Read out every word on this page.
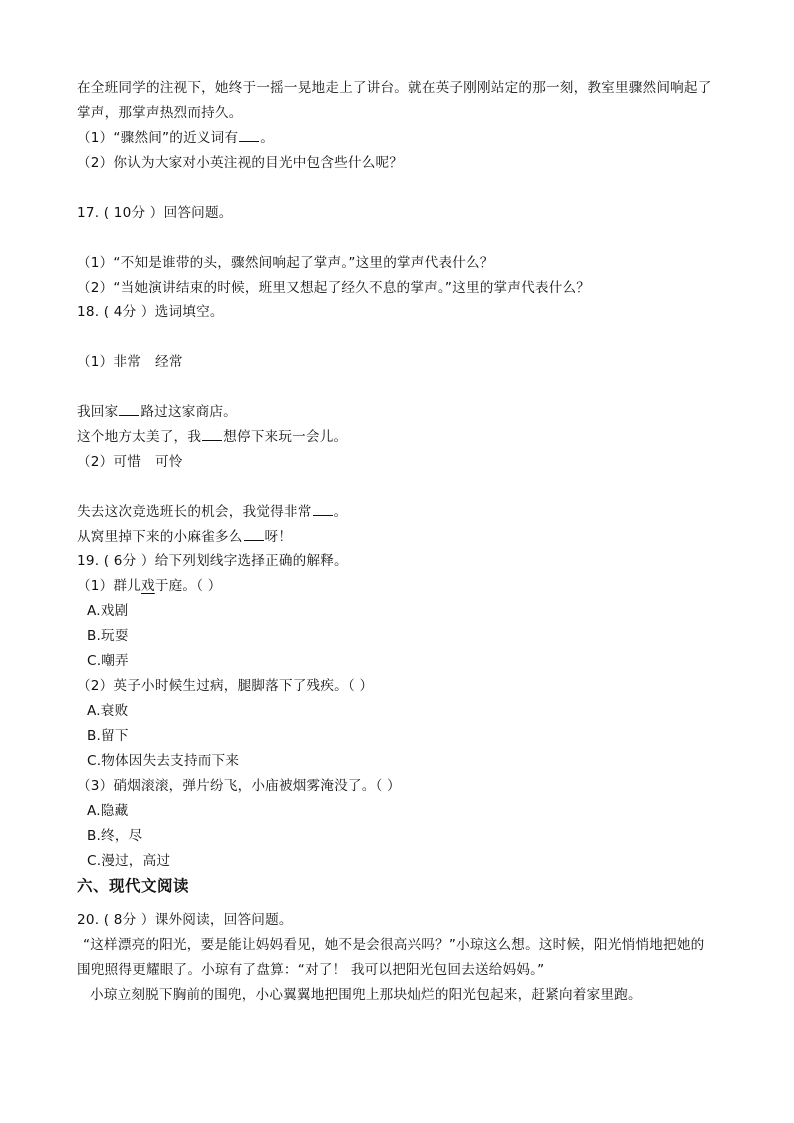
在全班同学的注视下，她终于一摇一晃地走上了讲台。就在英子刚刚站定的那一刻，教室里骤然间响起了
掌声，那掌声热烈而持久。
（1）“骤然间”的近义词有 。
（2）你认为大家对小英注视的目光中包含些什么呢？
17. ( 10分 ）回答问题。
（1）“不知是谁带的头，骤然间响起了掌声。”这里的掌声代表什么？
（2）“当她演讲结束的时候，班里又想起了经久不息的掌声。”这里的掌声代表什么？
18. ( 4分 ）选词填空。
（1）非常 经常
我回家 路过这家商店。
这个地方太美了，我 想停下来玩一会儿。
（2）可惜 可怜
失去这次竞选班长的机会，我觉得非常 。
从窝里掉下来的小麻雀多么 呀！
19. ( 6分 ）给下列划线字选择正确的解释。
（1）群儿戏于庭。（ ）
A.戏剧
B.玩耍
C.嘲弄
（2）英子小时候生过病，腿脚落下了残疾。（ ）
A.衰败
B.留下
C.物体因失去支持而下来
（3）硝烟滚滚，弹片纷飞，小庙被烟雾淹没了。（ ）
A.隐藏
B.终，尽
C.漫过，高过
六、现代文阅读
20. ( 8分 ）课外阅读，回答问题。
“这样漂亮的阳光，要是能让妈妈看见，她不是会很高兴吗？”小琼这么想。这时候，阳光悄悄地把她的
围兜照得更耀眼了。小琼有了盘算：“对了！ 我可以把阳光包回去送给妈妈。”
小琼立刻脱下胸前的围兜，小心翼翼地把围兜上那块灿烂的阳光包起来，赶紧向着家里跑。
